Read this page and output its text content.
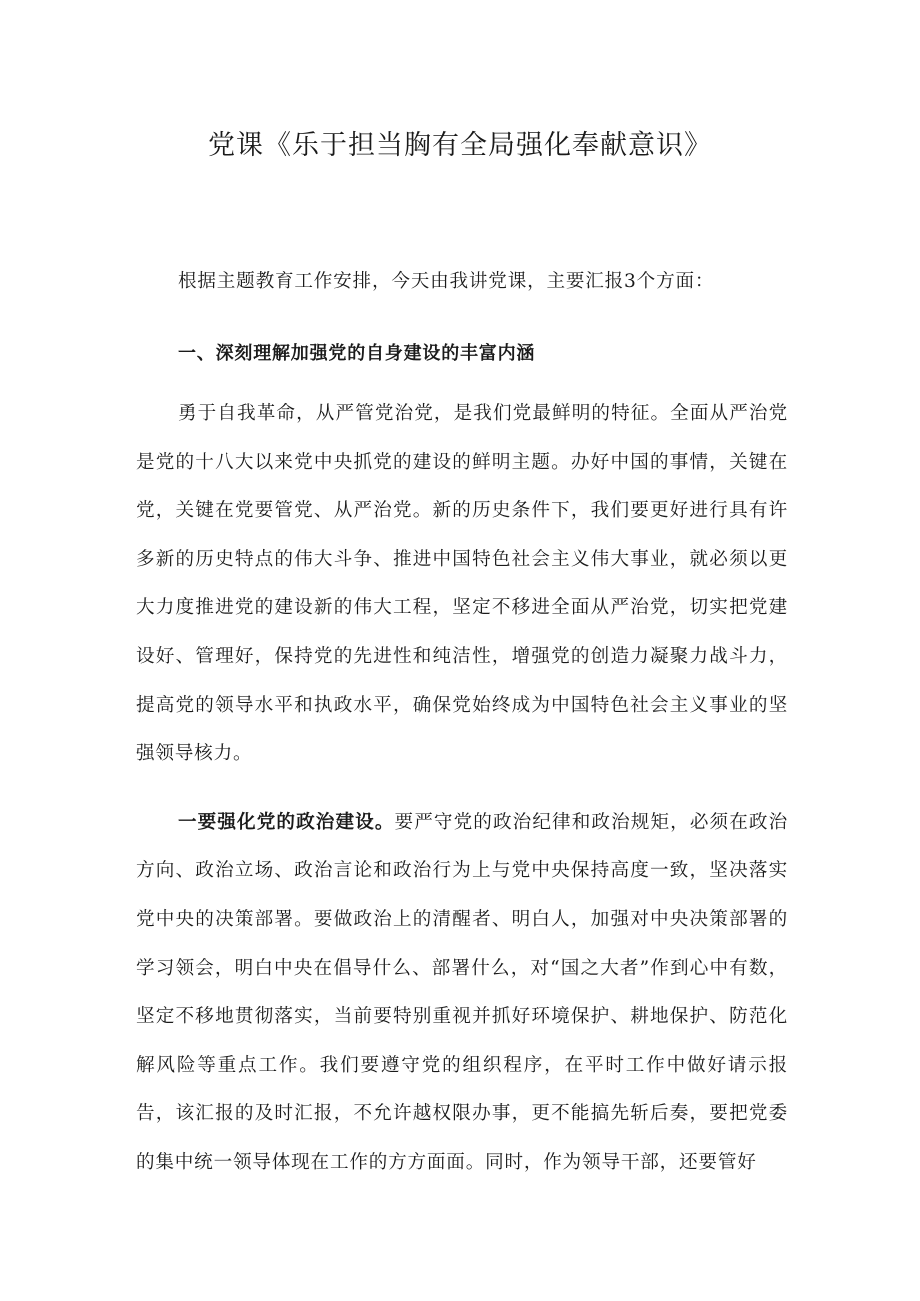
党课《乐于担当胸有全局强化奉献意识》

根据主题教育工作安排，今天由我讲党课，主要汇报3个方面：

一、深刻理解加强党的自身建设的丰富内涵

勇于自我革命，从严管党治党，是我们党最鲜明的特征。全面从严治党是党的十八大以来党中央抓党的建设的鲜明主题。办好中国的事情，关键在党，关键在党要管党、从严治党。新的历史条件下，我们要更好进行具有许多新的历史特点的伟大斗争、推进中国特色社会主义伟大事业，就必须以更大力度推进党的建设新的伟大工程，坚定不移进全面从严治党，切实把党建设好、管理好，保持党的先进性和纯洁性，增强党的创造力凝聚力战斗力，提高党的领导水平和执政水平，确保党始终成为中国特色社会主义事业的坚强领导核力。

一要强化党的政治建设。要严守党的政治纪律和政治规矩，必须在政治方向、政治立场、政治言论和政治行为上与党中央保持高度一致，坚决落实党中央的决策部署。要做政治上的清醒者、明白人，加强对中央决策部署的学习领会，明白中央在倡导什么、部署什么，对“国之大者”作到心中有数，坚定不移地贯彻落实，当前要特别重视并抓好环境保护、耕地保护、防范化解风险等重点工作。我们要遵守党的组织程序，在平时工作中做好请示报告，该汇报的及时汇报，不允许越权限办事，更不能搞先斩后奏，要把党委的集中统一领导体现在工作的方方面面。同时，作为领导干部，还要管好
